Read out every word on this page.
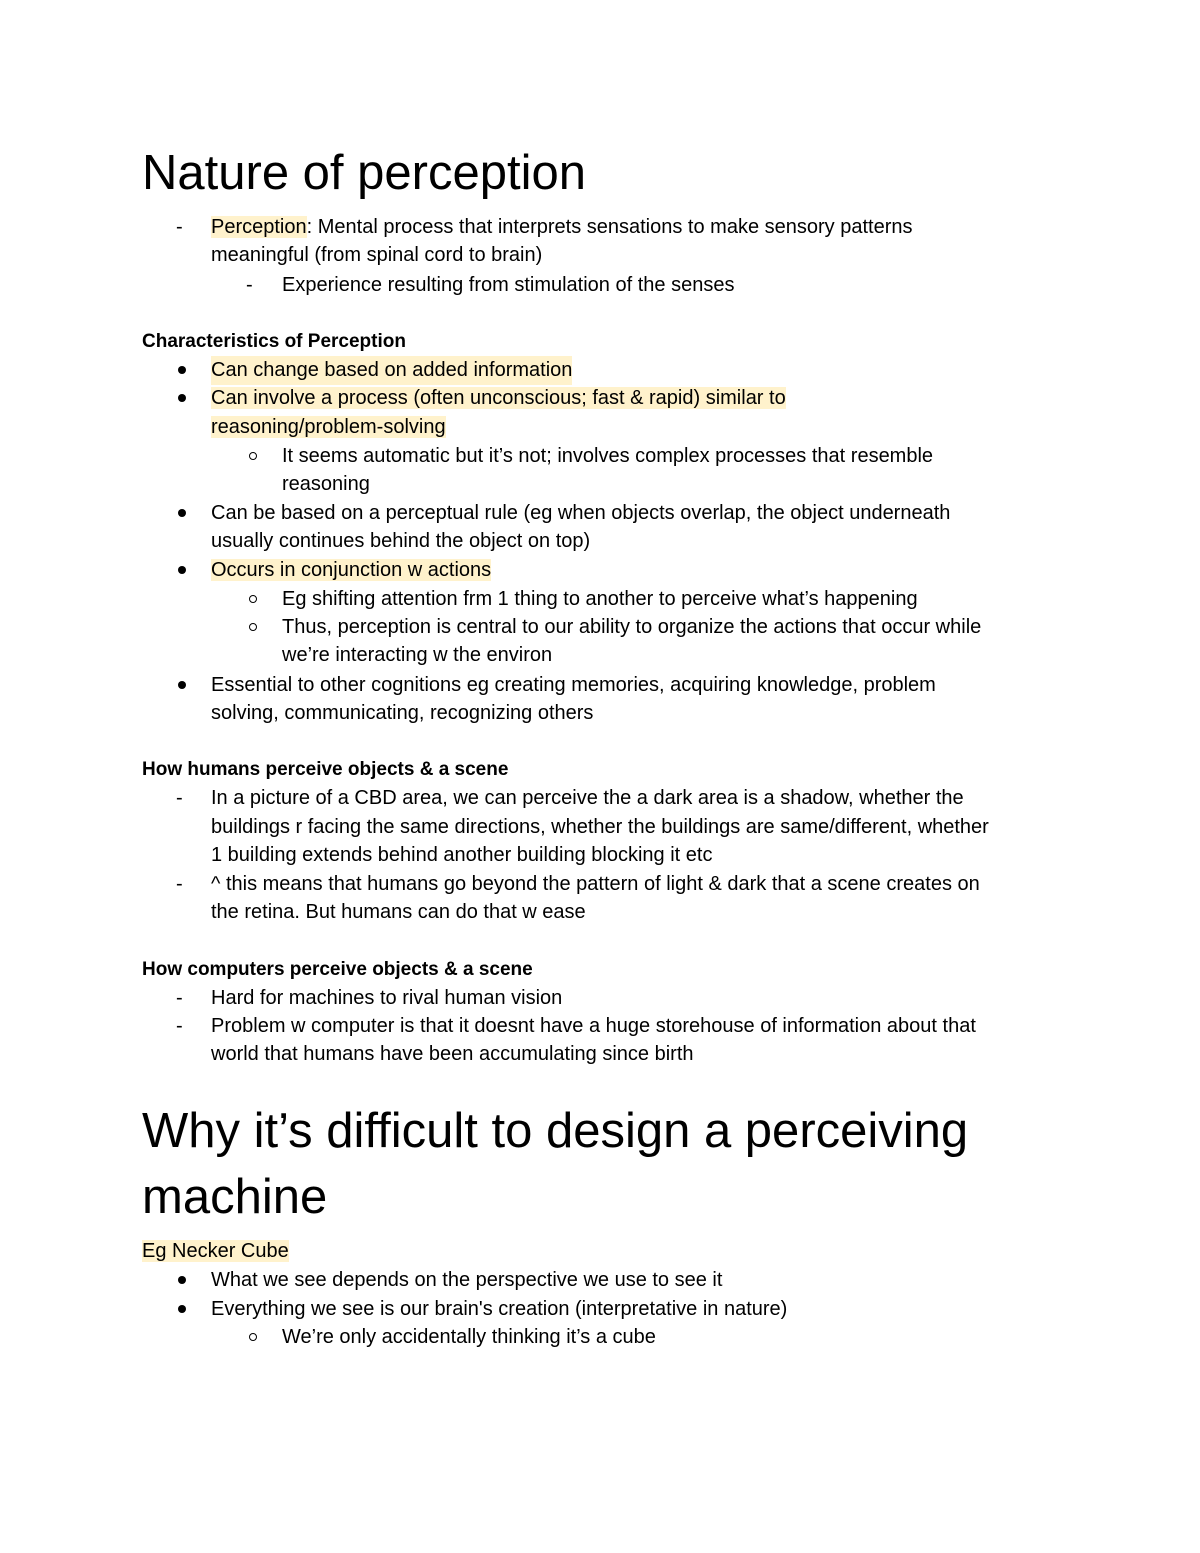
Nature of perception
- Perception: Mental process that interprets sensations to make sensory patterns

meaningful (from spinal cord to brain)

- Experience resulting from stimulation of the senses

Characteristics of Perception

Can change based on added information

Can involve a process (often unconscious; fast & rapid) similar to

reasoning/problem-solving

It seems automatic but it’s not; involves complex processes that resemble

reasoning

Can be based on a perceptual rule (eg when objects overlap, the object underneath

usually continues behind the object on top)

Occurs in conjunction w actions

Eg shifting attention frm 1 thing to another to perceive what’s happening

Thus, perception is central to our ability to organize the actions that occur while

we’re interacting w the environ

Essential to other cognitions eg creating memories, acquiring knowledge, problem

solving, communicating, recognizing others

How humans perceive objects & a scene
- In a picture of a CBD area, we can perceive the a dark area is a shadow, whether the

buildings r facing the same directions, whether the buildings are same/different, whether

1 building extends behind another building blocking it etc

- ^ this means that humans go beyond the pattern of light & dark that a scene creates on

the retina. But humans can do that w ease

How computers perceive objects & a scene
- Hard for machines to rival human vision

- Problem w computer is that it doesnt have a huge storehouse of information about that

world that humans have been accumulating since birth

Why it’s difficult to design a perceiving
machine

Eg Necker Cube

What we see depends on the perspective we use to see it

Everything we see is our brain's creation (interpretative in nature)

We’re only accidentally thinking it’s a cube
